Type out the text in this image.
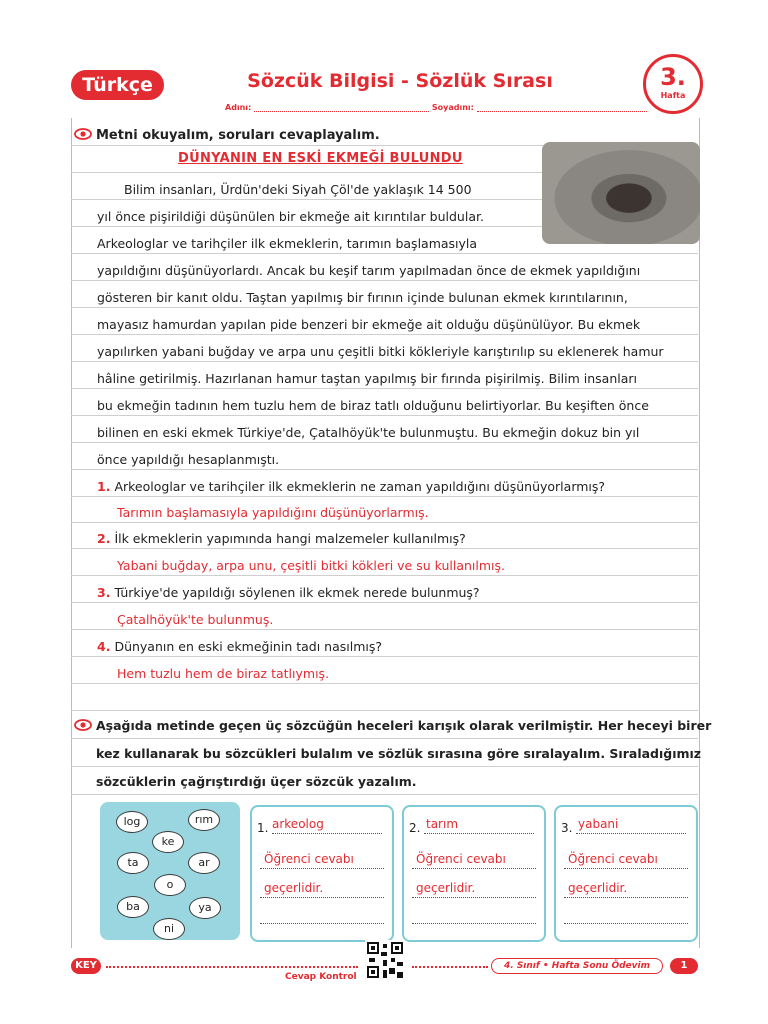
Türkçe	Sözcük Bilgisi - Sözlük Sırası	3.
Hafta
Adını:	Soyadını:
Metni okuyalım, soruları cevaplayalım.
DÜNYANIN EN ESKİ EKMEĞİ BULUNDU
Bilim insanları, Ürdün'deki Siyah Çöl'de yaklaşık 14 500
yıl önce pişirildiği düşünülen bir ekmeğe ait kırıntılar buldular.
Arkeologlar ve tarihçiler ilk ekmeklerin, tarımın başlamasıyla
yapıldığını düşünüyorlardı. Ancak bu keşif tarım yapılmadan önce de ekmek yapıldığını
gösteren bir kanıt oldu. Taştan yapılmış bir fırının içinde bulunan ekmek kırıntılarının,
mayasız hamurdan yapılan pide benzeri bir ekmeğe ait olduğu düşünülüyor. Bu ekmek
yapılırken yabani buğday ve arpa unu çeşitli bitki kökleriyle karıştırılıp su eklenerek hamur
hâline getirilmiş. Hazırlanan hamur taştan yapılmış bir fırında pişirilmiş. Bilim insanları
bu ekmeğin tadının hem tuzlu hem de biraz tatlı olduğunu belirtiyorlar. Bu keşiften önce
bilinen en eski ekmek Türkiye'de, Çatalhöyük'te bulunmuştu. Bu ekmeğin dokuz bin yıl
önce yapıldığı hesaplanmıştı.
1. Arkeologlar ve tarihçiler ilk ekmeklerin ne zaman yapıldığını düşünüyorlarmış?
Tarımın başlamasıyla yapıldığını düşünüyorlarmış.
2. İlk ekmeklerin yapımında hangi malzemeler kullanılmış?
Yabani buğday, arpa unu, çeşitli bitki kökleri ve su kullanılmış.
3. Türkiye'de yapıldığı söylenen ilk ekmek nerede bulunmuş?
Çatalhöyük'te bulunmuş.
4. Dünyanın en eski ekmeğinin tadı nasılmış?
Hem tuzlu hem de biraz tatlıymış.
Aşağıda metinde geçen üç sözcüğün heceleri karışık olarak verilmiştir. Her heceyi birer
kez kullanarak bu sözcükleri bulalım ve sözlük sırasına göre sıralayalım. Sıraladığımız
sözcüklerin çağrıştırdığı üçer sözcük yazalım.
log	rım
ke
ta	ar
o
ba	ya
ni
1. arkeolog
Öğrenci cevabı
geçerlidir.
2. tarım
Öğrenci cevabı
geçerlidir.
3. yabani
Öğrenci cevabı
geçerlidir.
KEY
Cevap Kontrol
4. Sınıf • Hafta Sonu Ödevim	1
